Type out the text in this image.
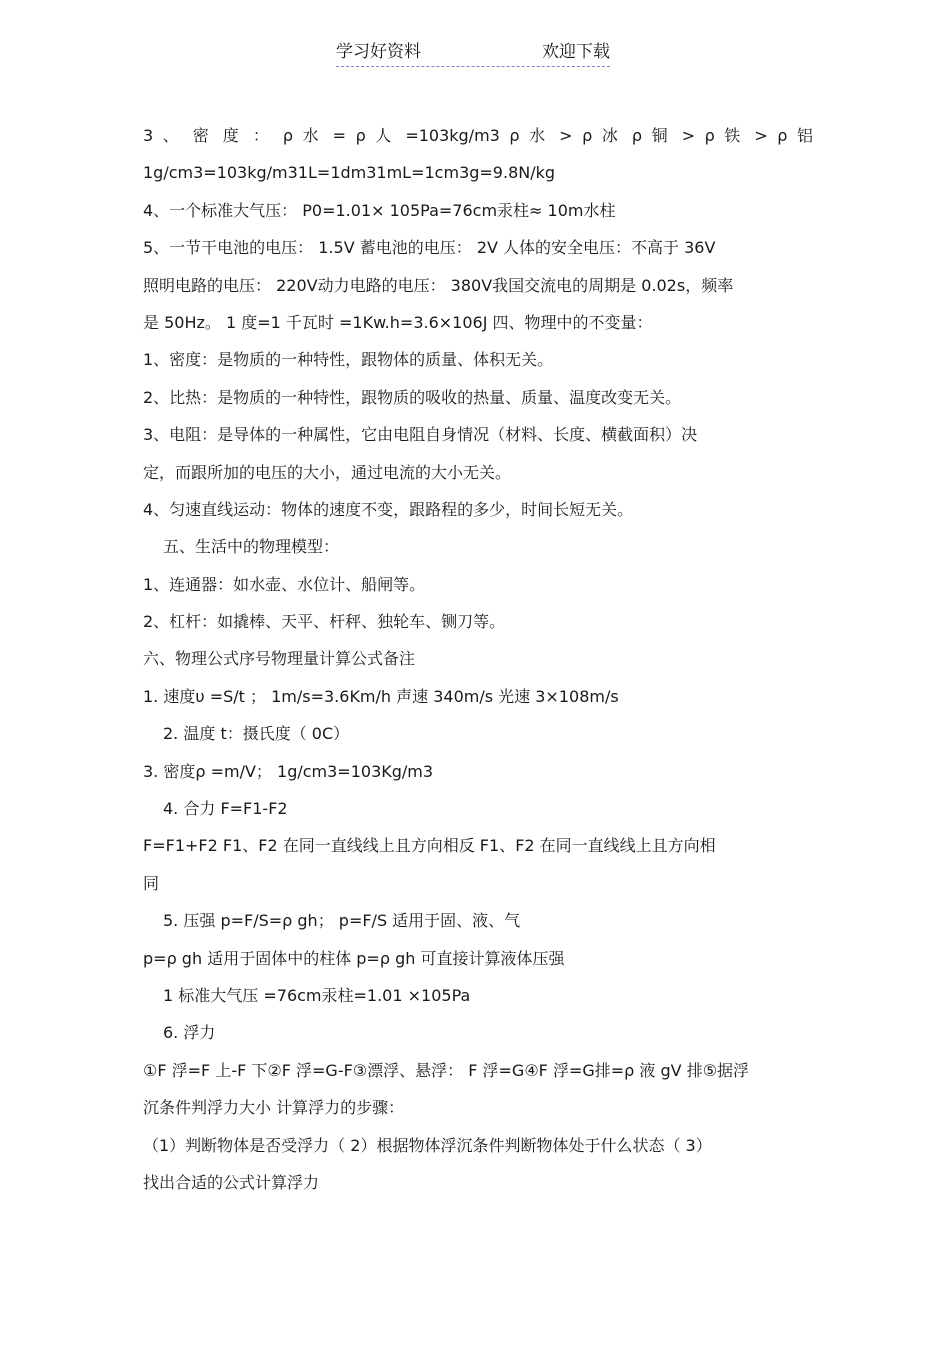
学习好资料	欢迎下载
3 、 密 度 ： ρ 水 = ρ 人 =103kg/m3 ρ 水 > ρ 冰 ρ 铜 > ρ 铁 > ρ 铝
1g/cm3=103kg/m31L=1dm31mL=1cm3g=9.8N/kg
4、一个标准大气压： P0=1.01× 105Pa=76cm汞柱≈ 10m水柱
5、一节干电池的电压： 1.5V 蓄电池的电压： 2V 人体的安全电压：不高于 36V
照明电路的电压： 220V动力电路的电压： 380V我国交流电的周期是 0.02s，频率
是 50Hz。 1 度=1 千瓦时 =1Kw.h=3.6×106J 四、物理中的不变量：
1、密度：是物质的一种特性，跟物体的质量、体积无关。
2、比热：是物质的一种特性，跟物质的吸收的热量、质量、温度改变无关。
3、电阻：是导体的一种属性，它由电阻自身情况（材料、长度、横截面积）决
定，而跟所加的电压的大小，通过电流的大小无关。
4、匀速直线运动：物体的速度不变，跟路程的多少，时间长短无关。
五、生活中的物理模型：
1、连通器：如水壶、水位计、船闸等。
2、杠杆：如撬棒、天平、杆秤、独轮车、铡刀等。
六、物理公式序号物理量计算公式备注
1. 速度υ =S/t ； 1m/s=3.6Km/h 声速 340m/s 光速 3×108m/s
2. 温度 t：摄氏度（ 0C）
3. 密度ρ =m/V； 1g/cm3=103Kg/m3
4. 合力 F=F1-F2
F=F1+F2 F1、F2 在同一直线线上且方向相反 F1、F2 在同一直线线上且方向相
同
5. 压强 p=F/S=ρ gh； p=F/S 适用于固、液、气
p=ρ gh 适用于固体中的柱体 p=ρ gh 可直接计算液体压强
1 标准大气压 =76cm汞柱=1.01 ×105Pa
6. 浮力
①F 浮=F 上-F 下②F 浮=G-F③漂浮、悬浮： F 浮=G④F 浮=G排=ρ 液 gV 排⑤据浮
沉条件判浮力大小 计算浮力的步骤：
（1）判断物体是否受浮力（ 2）根据物体浮沉条件判断物体处于什么状态（ 3）
找出合适的公式计算浮力
